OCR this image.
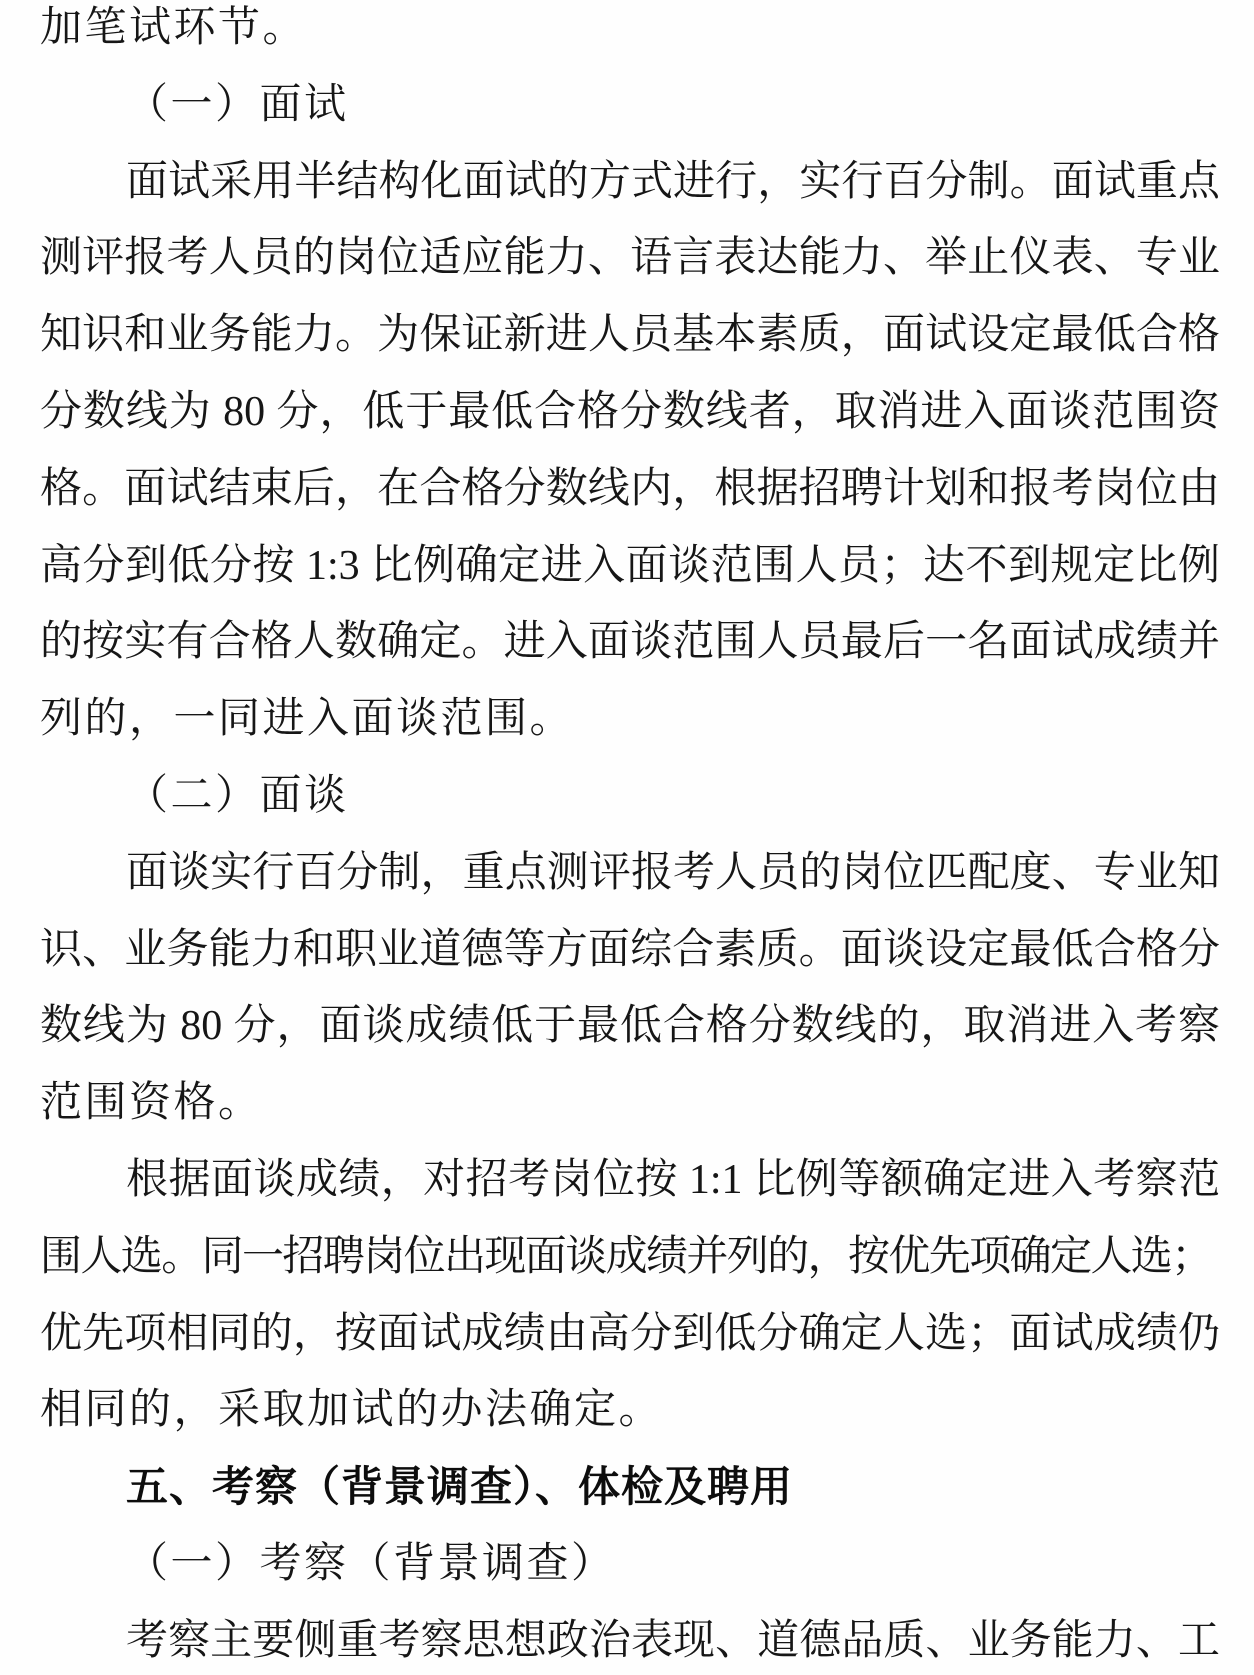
加笔试环节。
（一）面试
面试采用半结构化面试的方式进行，实行百分制。面试重点
测评报考人员的岗位适应能力、语言表达能力、举止仪表、专业
知识和业务能力。为保证新进人员基本素质，面试设定最低合格
分数线为 80 分，低于最低合格分数线者，取消进入面谈范围资
格。面试结束后，在合格分数线内，根据招聘计划和报考岗位由
高分到低分按 1:3 比例确定进入面谈范围人员；达不到规定比例
的按实有合格人数确定。进入面谈范围人员最后一名面试成绩并
列的，一同进入面谈范围。
（二）面谈
面谈实行百分制，重点测评报考人员的岗位匹配度、专业知
识、业务能力和职业道德等方面综合素质。面谈设定最低合格分
数线为 80 分，面谈成绩低于最低合格分数线的，取消进入考察
范围资格。
根据面谈成绩，对招考岗位按 1:1 比例等额确定进入考察范
围人选。同一招聘岗位出现面谈成绩并列的，按优先项确定人选；
优先项相同的，按面试成绩由高分到低分确定人选；面试成绩仍
相同的，采取加试的办法确定。
五、考察（背景调查）、体检及聘用
（一）考察（背景调查）
考察主要侧重考察思想政治表现、道德品质、业务能力、工
